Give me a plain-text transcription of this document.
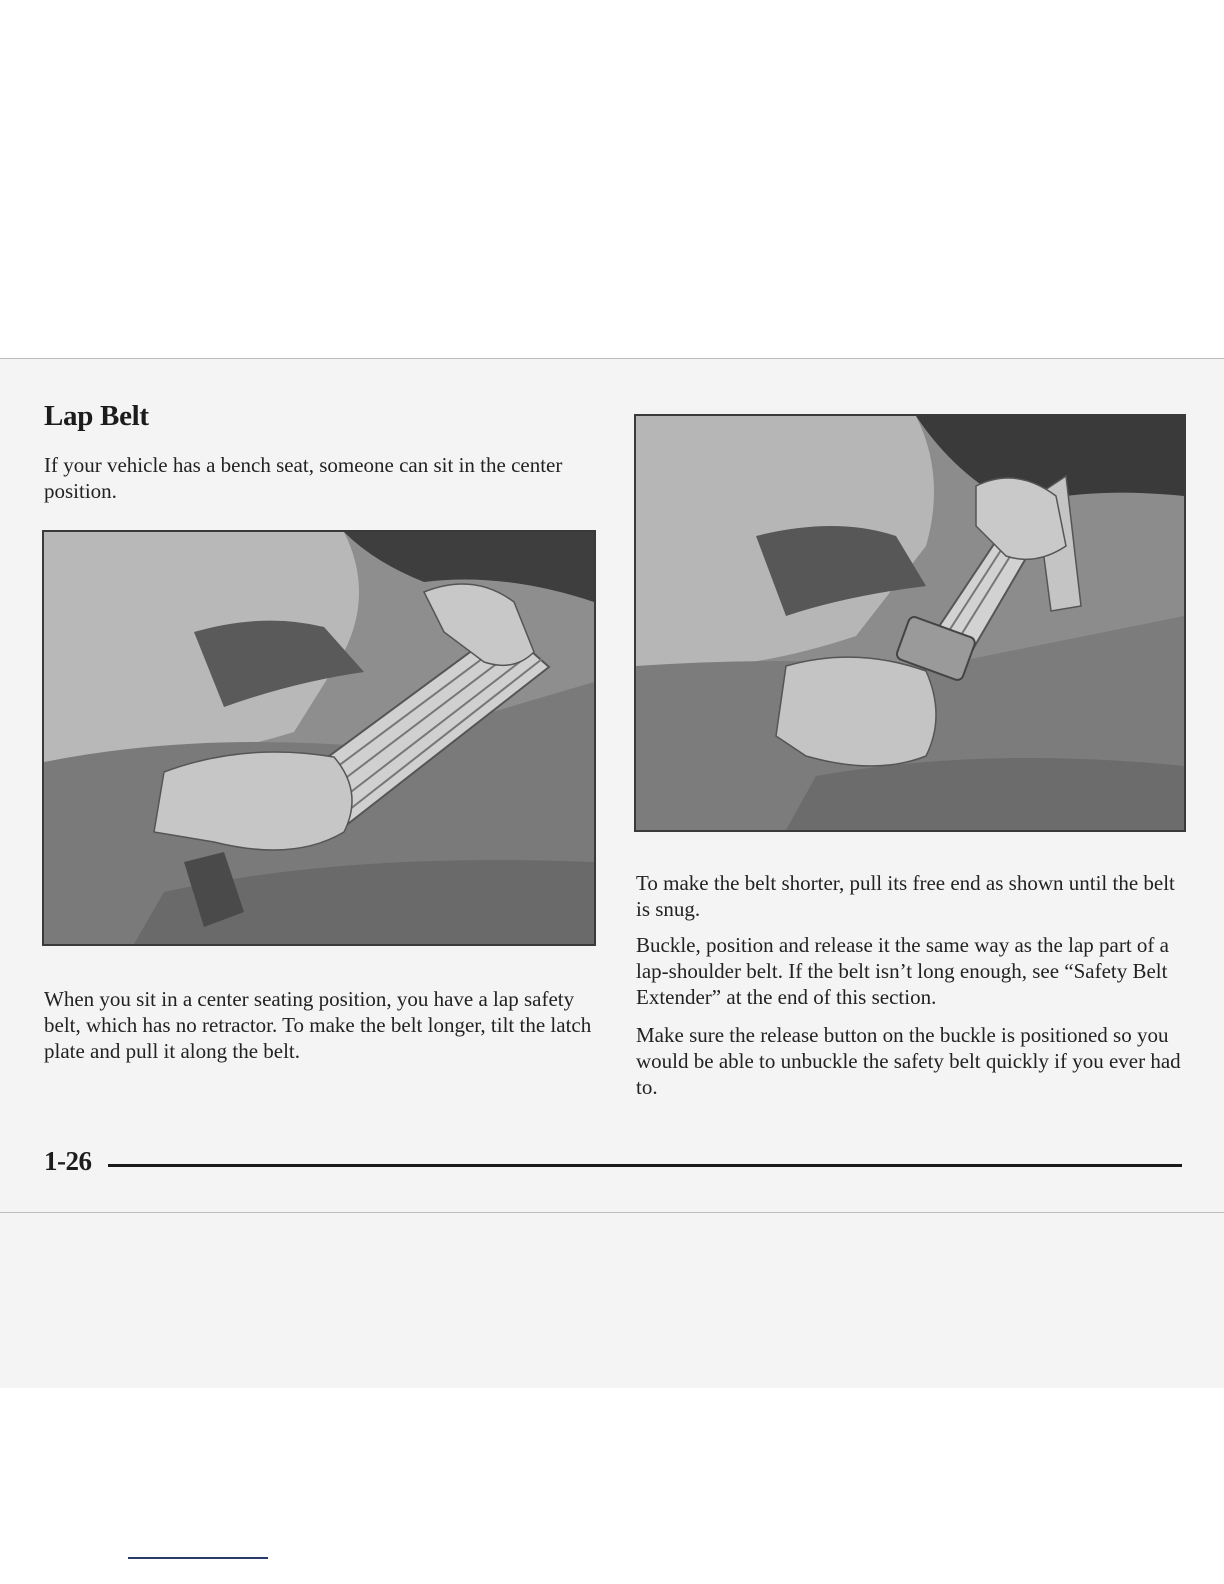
Lap Belt

If your vehicle has a bench seat, someone can sit in the center position.

When you sit in a center seating position, you have a lap safety belt, which has no retractor. To make the belt longer, tilt the latch plate and pull it along the belt.

To make the belt shorter, pull its free end as shown until the belt is snug.

Buckle, position and release it the same way as the lap part of a lap-shoulder belt. If the belt isn’t long enough, see “Safety Belt Extender” at the end of this section.

Make sure the release button on the buckle is positioned so you would be able to unbuckle the safety belt quickly if you ever had to.

1-26
